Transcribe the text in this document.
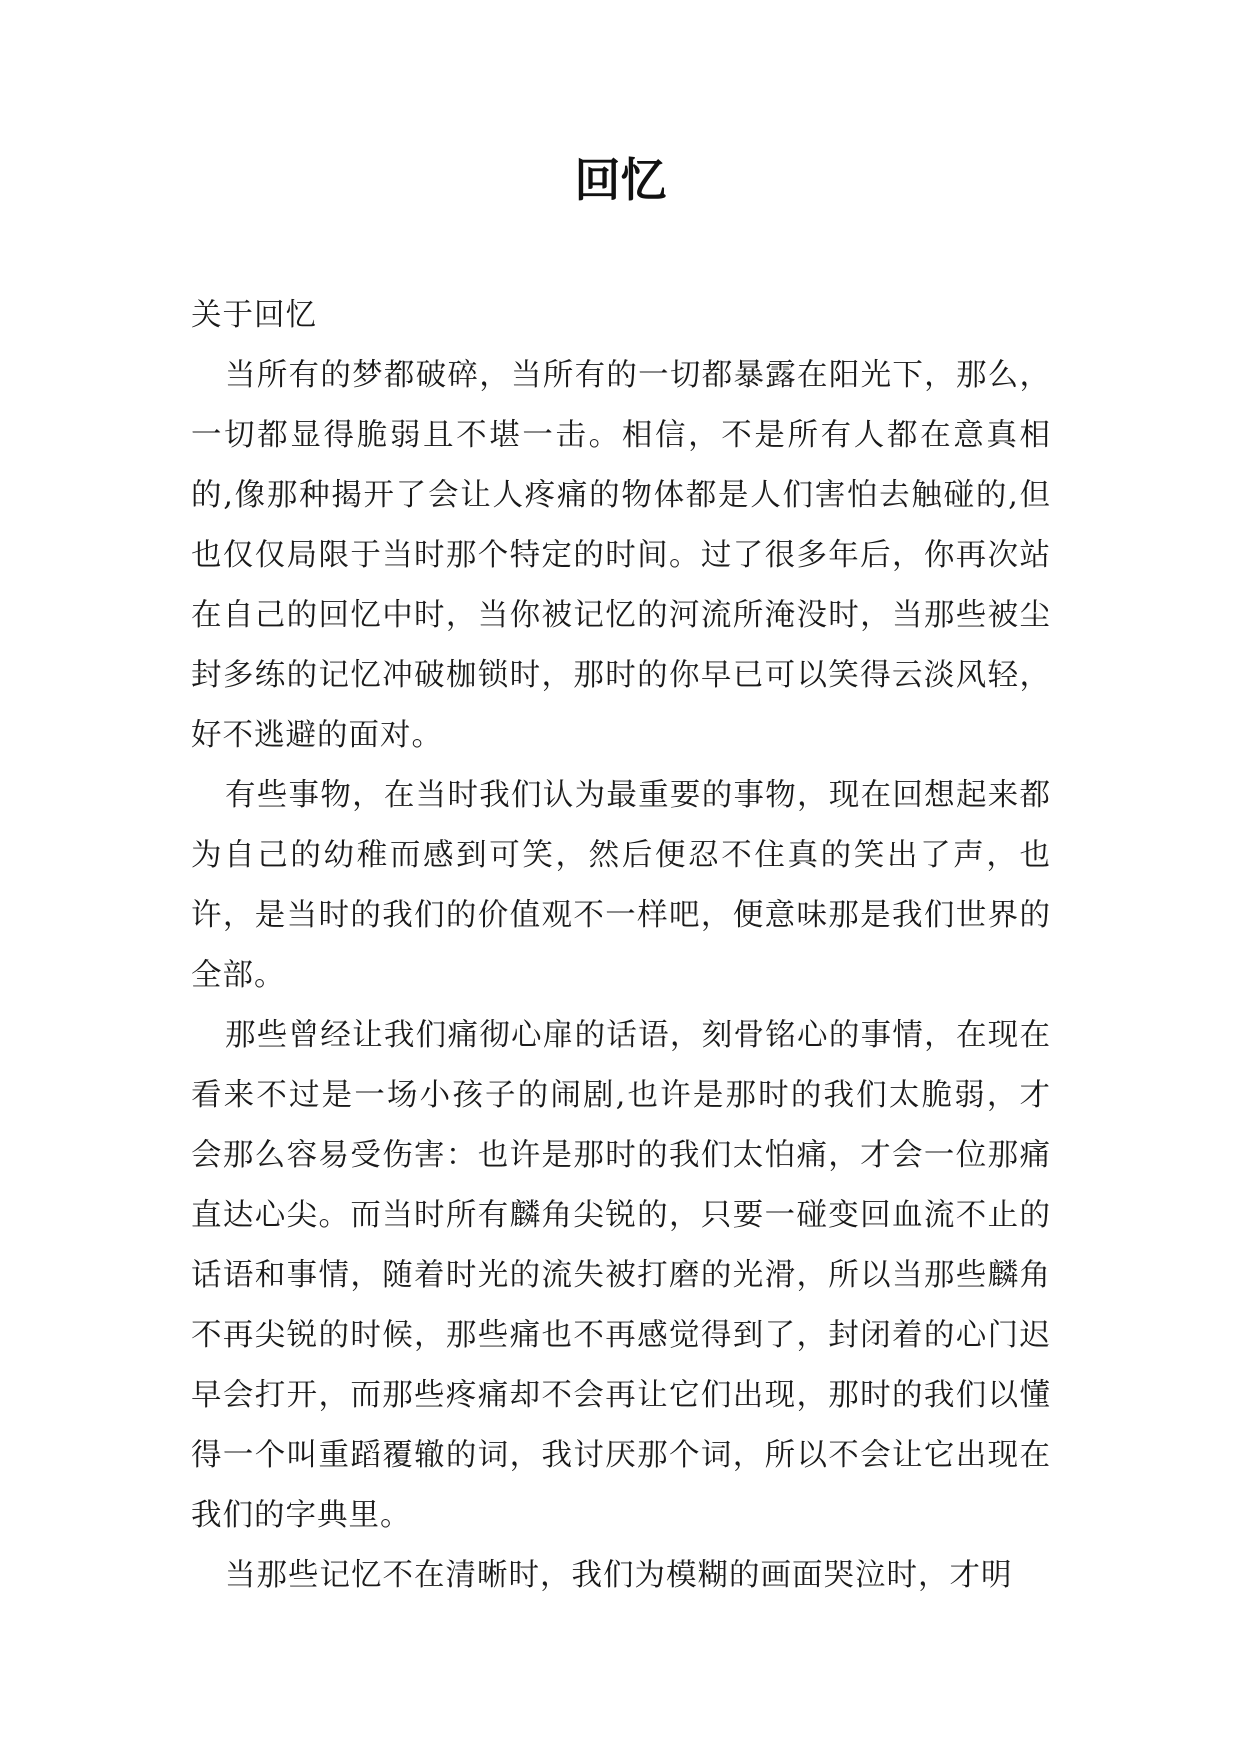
回忆

关于回忆

当所有的梦都破碎，当所有的一切都暴露在阳光下，那么，一切都显得脆弱且不堪一击。相信，不是所有人都在意真相的,像那种揭开了会让人疼痛的物体都是人们害怕去触碰的,但也仅仅局限于当时那个特定的时间。过了很多年后，你再次站在自己的回忆中时，当你被记忆的河流所淹没时，当那些被尘封多练的记忆冲破枷锁时，那时的你早已可以笑得云淡风轻，好不逃避的面对。

有些事物，在当时我们认为最重要的事物，现在回想起来都为自己的幼稚而感到可笑，然后便忍不住真的笑出了声，也许，是当时的我们的价值观不一样吧，便意味那是我们世界的全部。

那些曾经让我们痛彻心扉的话语，刻骨铭心的事情，在现在看来不过是一场小孩子的闹剧,也许是那时的我们太脆弱，才会那么容易受伤害：也许是那时的我们太怕痛，才会一位那痛直达心尖。而当时所有麟角尖锐的，只要一碰变回血流不止的话语和事情，随着时光的流失被打磨的光滑，所以当那些麟角不再尖锐的时候，那些痛也不再感觉得到了，封闭着的心门迟早会打开，而那些疼痛却不会再让它们出现，那时的我们以懂得一个叫重蹈覆辙的词，我讨厌那个词，所以不会让它出现在我们的字典里。

当那些记忆不在清晰时，我们为模糊的画面哭泣时，才明
